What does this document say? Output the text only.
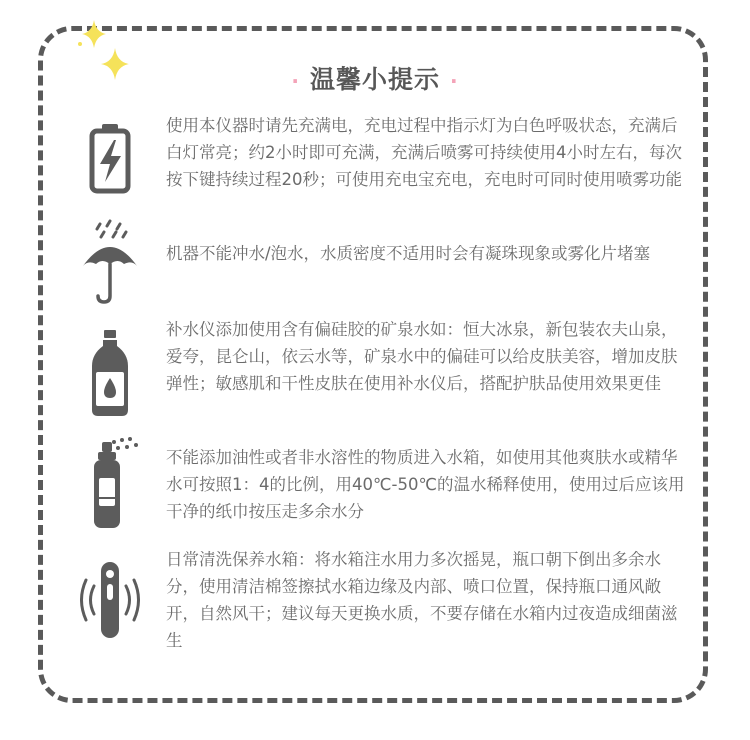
· 温馨小提示 ·
使用本仪器时请先充满电，充电过程中指示灯为白色呼吸状态，充满后白灯常亮；约2小时即可充满，充满后喷雾可持续使用4小时左右，每次按下键持续过程20秒；可使用充电宝充电，充电时可同时使用喷雾功能
机器不能冲水/泡水，水质密度不适用时会有凝珠现象或雾化片堵塞
补水仪添加使用含有偏硅胶的矿泉水如：恒大冰泉，新包装农夫山泉，爱夸，昆仑山，依云水等，矿泉水中的偏硅可以给皮肤美容，增加皮肤弹性；敏感肌和干性皮肤在使用补水仪后，搭配护肤品使用效果更佳
不能添加油性或者非水溶性的物质进入水箱，如使用其他爽肤水或精华水可按照1：4的比例，用40℃-50℃的温水稀释使用，使用过后应该用干净的纸巾按压走多余水分
日常清洗保养水箱：将水箱注水用力多次摇晃，瓶口朝下倒出多余水分，使用清洁棉签擦拭水箱边缘及内部、喷口位置，保持瓶口通风敞开，自然风干；建议每天更换水质，不要存储在水箱内过夜造成细菌滋生
